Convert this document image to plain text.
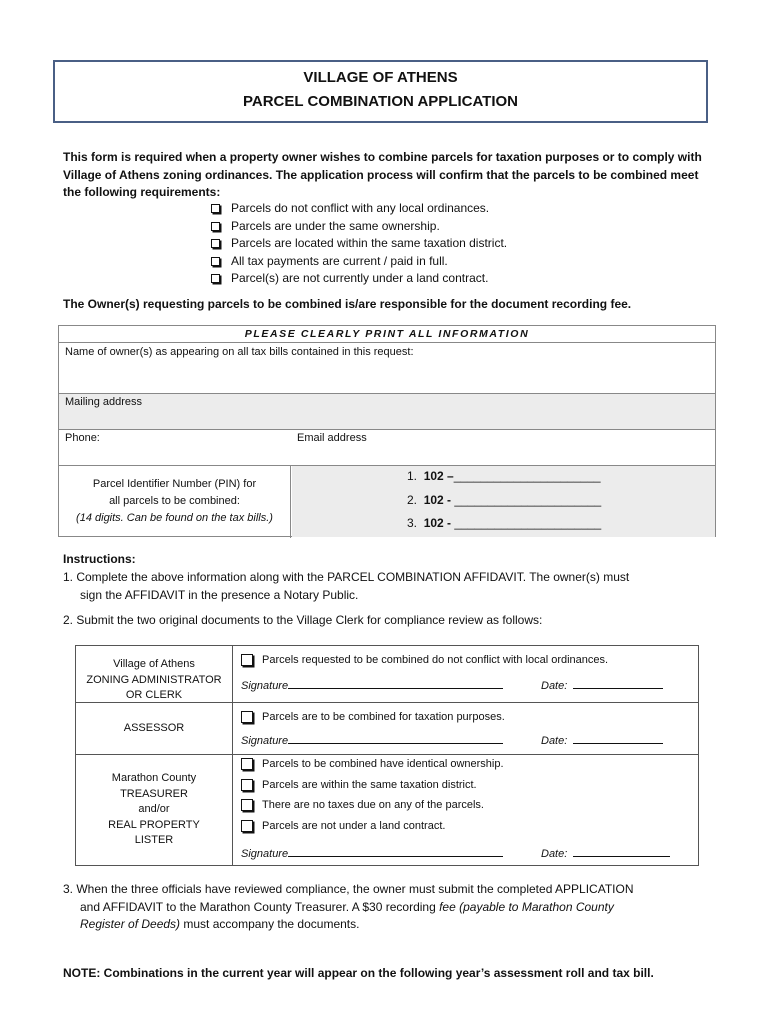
VILLAGE OF ATHENS
PARCEL COMBINATION APPLICATION
This form is required when a property owner wishes to combine parcels for taxation purposes or to comply with
Village of Athens zoning ordinances. The application process will confirm that the parcels to be combined meet
the following requirements:
Parcels do not conflict with any local ordinances.
Parcels are under the same ownership.
Parcels are located within the same taxation district.
All tax payments are current / paid in full.
Parcel(s) are not currently under a land contract.
The Owner(s) requesting parcels to be combined is/are responsible for the document recording fee.
PLEASE CLEARLY PRINT ALL INFORMATION
Name of owner(s) as appearing on all tax bills contained in this request:
Mailing address
Phone:	Email address
Parcel Identifier Number (PIN) for
all parcels to be combined:
(14 digits. Can be found on the tax bills.)
1. 102 –______________________
2. 102 - ______________________
3. 102 - ______________________
Instructions:
1. Complete the above information along with the PARCEL COMBINATION AFFIDAVIT. The owner(s) must
sign the AFFIDAVIT in the presence a Notary Public.
2. Submit the two original documents to the Village Clerk for compliance review as follows:
Village of Athens
ZONING ADMINISTRATOR
OR CLERK
Parcels requested to be combined do not conflict with local ordinances.
Signature	Date:
ASSESSOR
Parcels are to be combined for taxation purposes.
Signature	Date:
Marathon County
TREASURER
and/or
REAL PROPERTY
LISTER
Parcels to be combined have identical ownership.
Parcels are within the same taxation district.
There are no taxes due on any of the parcels.
Parcels are not under a land contract.
Signature	Date:
3. When the three officials have reviewed compliance, the owner must submit the completed APPLICATION
and AFFIDAVIT to the Marathon County Treasurer. A $30 recording fee (payable to Marathon County
Register of Deeds) must accompany the documents.
NOTE: Combinations in the current year will appear on the following year’s assessment roll and tax bill.
